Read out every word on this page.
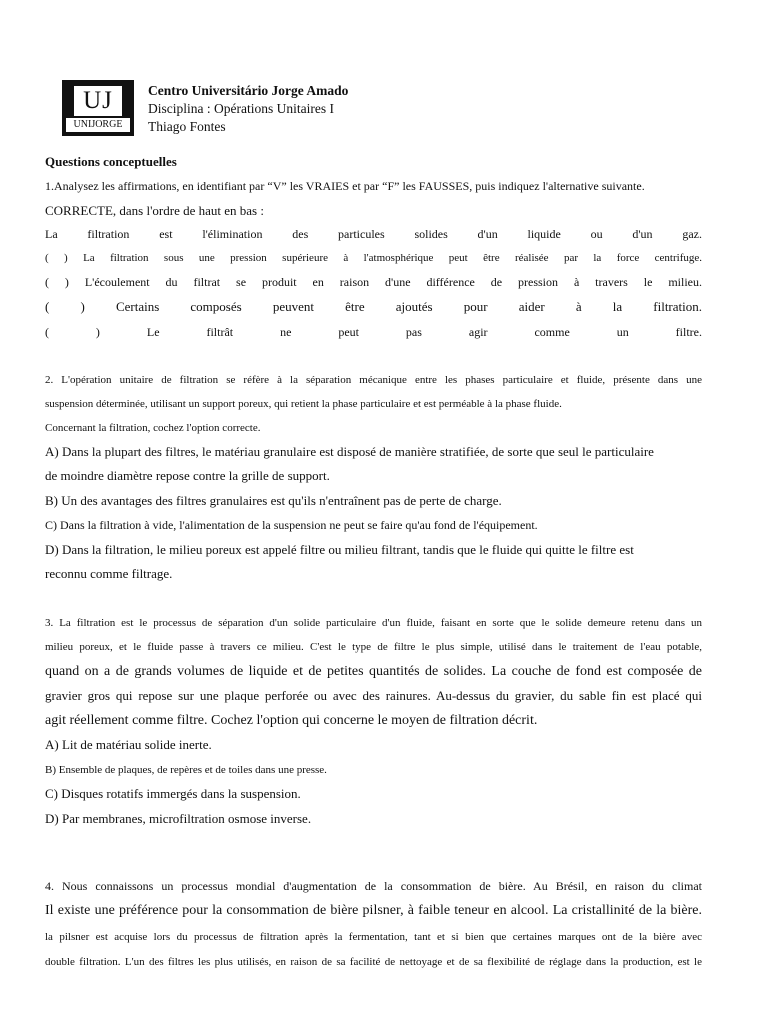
UJ
UNIJORGE
Centro Universitário Jorge Amado
Disciplina : Opérations Unitaires I
Thiago Fontes
Questions conceptuelles
1.Analysez les affirmations, en identifiant par “V” les VRAIES et par “F” les FAUSSES, puis indiquez l'alternative suivante.
CORRECTE, dans l'ordre de haut en bas :
La filtration est l'élimination des particules solides d'un liquide ou d'un gaz.
( ) La filtration sous une pression supérieure à l'atmosphérique peut être réalisée par la force centrifuge.
( ) L'écoulement du filtrat se produit en raison d'une différence de pression à travers le milieu.
( ) Certains composés peuvent être ajoutés pour aider à la filtration.
( ) Le filtrât ne peut pas agir comme un filtre.
2. L'opération unitaire de filtration se réfère à la séparation mécanique entre les phases particulaire et fluide, présente dans une
suspension déterminée, utilisant un support poreux, qui retient la phase particulaire et est perméable à la phase fluide.
Concernant la filtration, cochez l'option correcte.
A) Dans la plupart des filtres, le matériau granulaire est disposé de manière stratifiée, de sorte que seul le particulaire
de moindre diamètre repose contre la grille de support.
B) Un des avantages des filtres granulaires est qu'ils n'entraînent pas de perte de charge.
C) Dans la filtration à vide, l'alimentation de la suspension ne peut se faire qu'au fond de l'équipement.
D) Dans la filtration, le milieu poreux est appelé filtre ou milieu filtrant, tandis que le fluide qui quitte le filtre est
reconnu comme filtrage.
3. La filtration est le processus de séparation d'un solide particulaire d'un fluide, faisant en sorte que le solide demeure retenu dans un
milieu poreux, et le fluide passe à travers ce milieu. C'est le type de filtre le plus simple, utilisé dans le traitement de l'eau potable,
quand on a de grands volumes de liquide et de petites quantités de solides. La couche de fond est composée de
gravier gros qui repose sur une plaque perforée ou avec des rainures. Au-dessus du gravier, du sable fin est placé qui
agit réellement comme filtre. Cochez l'option qui concerne le moyen de filtration décrit.
A) Lit de matériau solide inerte.
B) Ensemble de plaques, de repères et de toiles dans une presse.
C) Disques rotatifs immergés dans la suspension.
D) Par membranes, microfiltration osmose inverse.
4. Nous connaissons un processus mondial d'augmentation de la consommation de bière. Au Brésil, en raison du climat
Il existe une préférence pour la consommation de bière pilsner, à faible teneur en alcool. La cristallinité de la bière.
la pilsner est acquise lors du processus de filtration après la fermentation, tant et si bien que certaines marques ont de la bière avec
double filtration. L'un des filtres les plus utilisés, en raison de sa facilité de nettoyage et de sa flexibilité de réglage dans la production, est le
